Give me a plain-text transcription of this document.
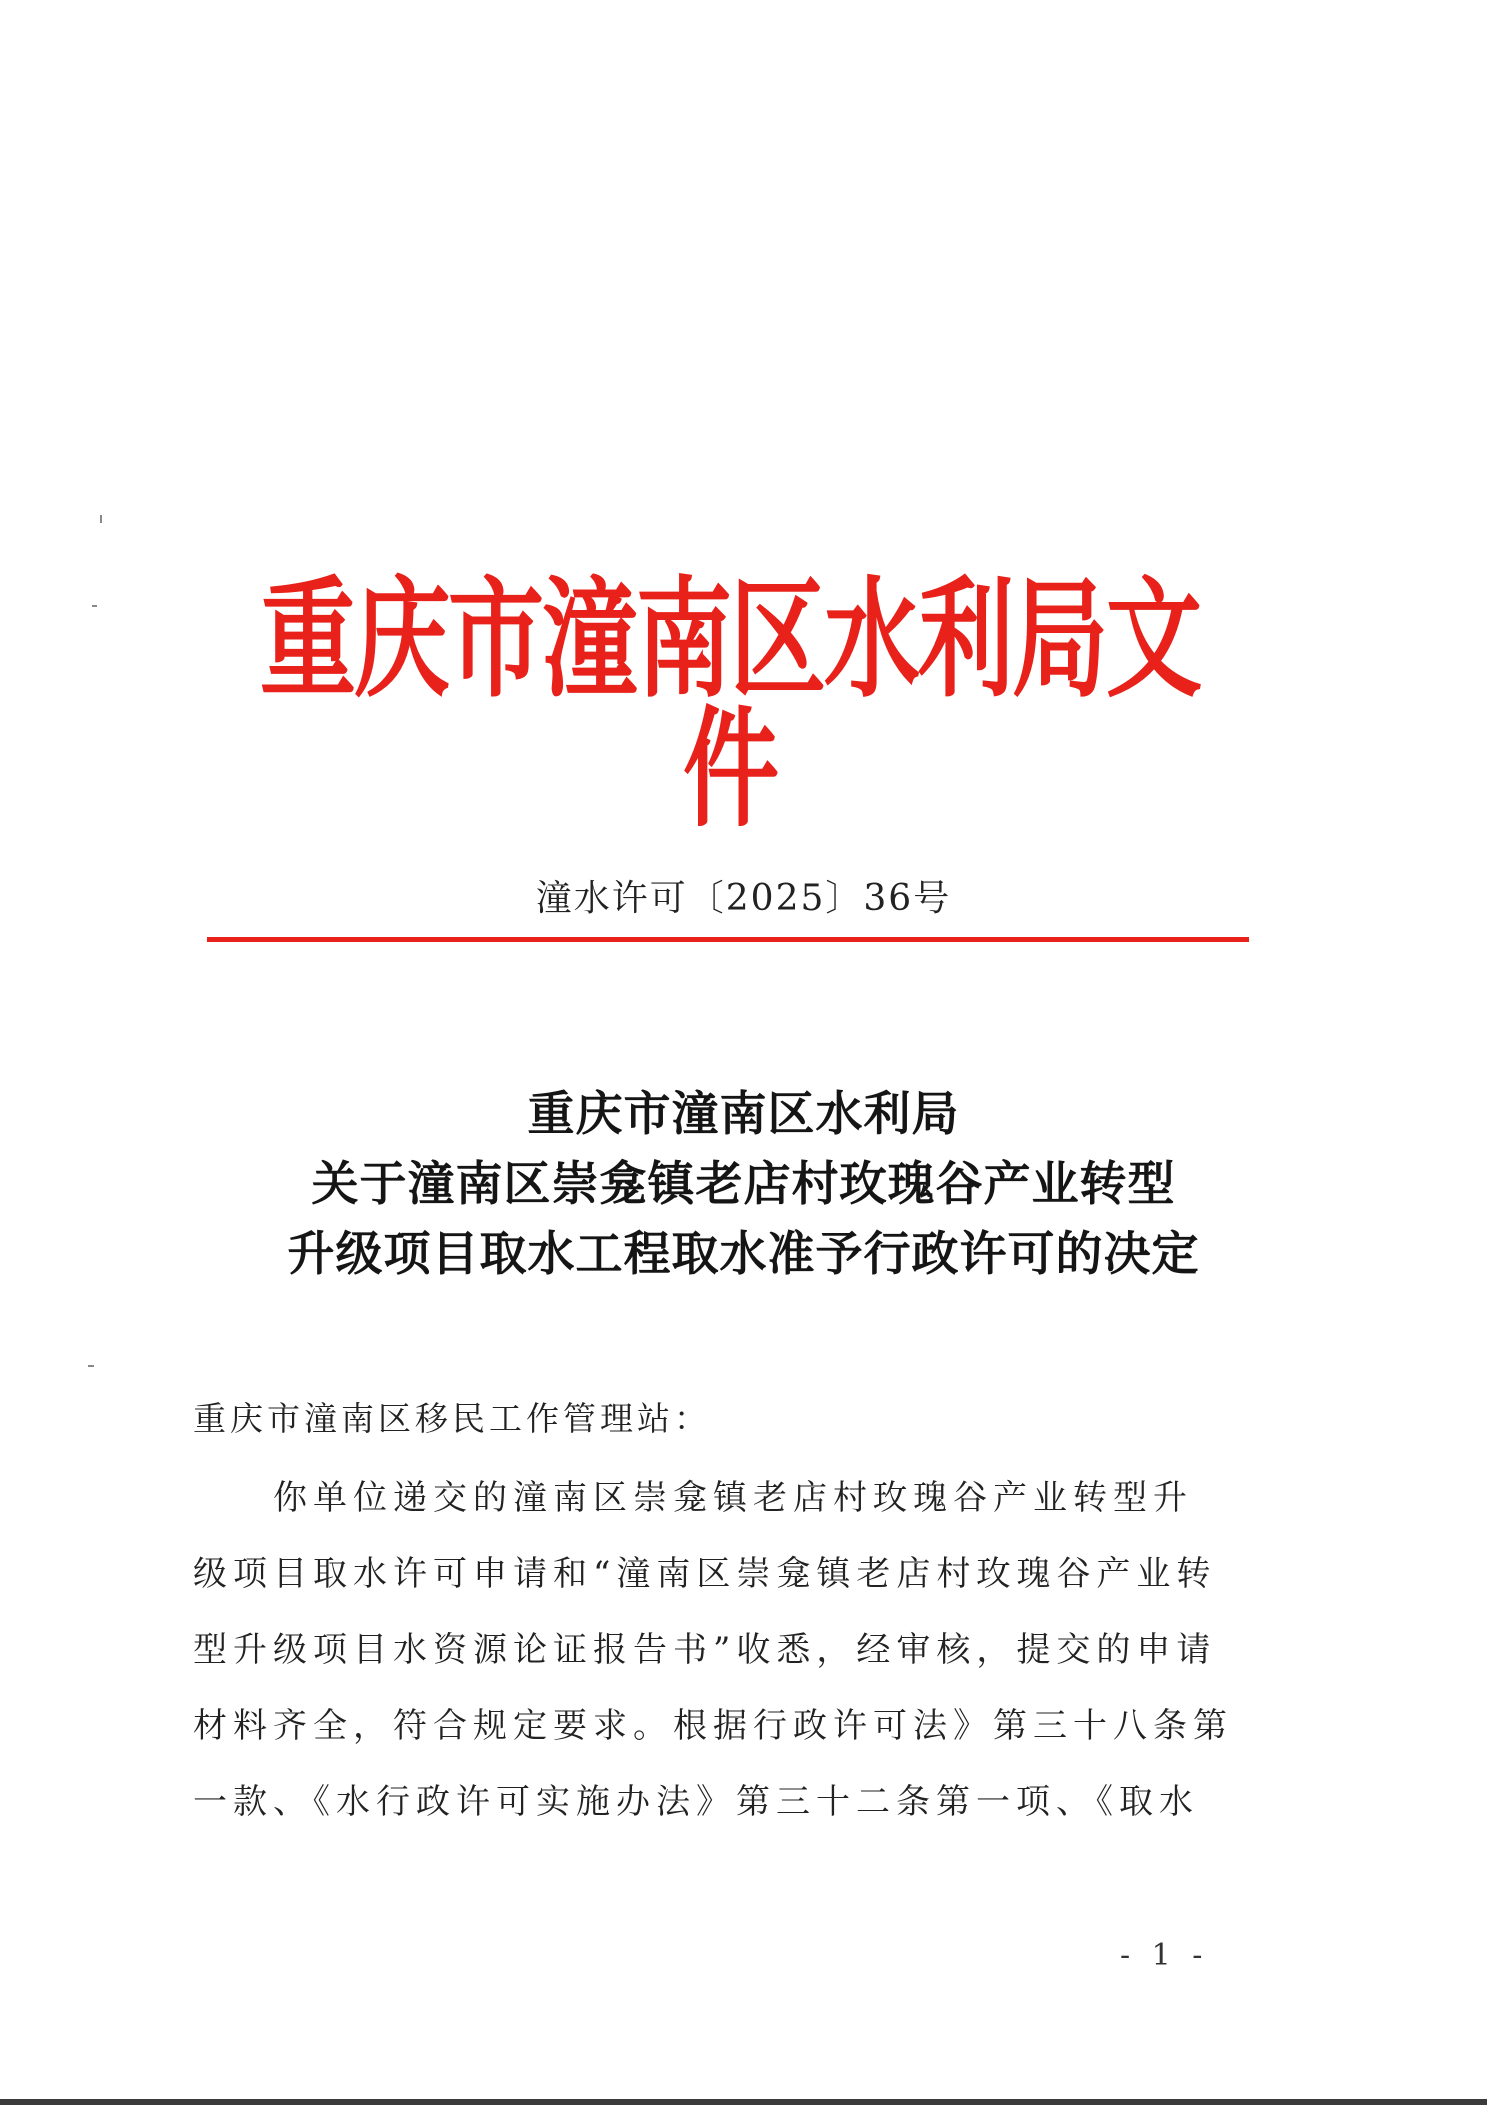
重庆市潼南区水利局文件
潼水许可〔2025〕36号
重庆市潼南区水利局
关于潼南区崇龛镇老店村玫瑰谷产业转型
升级项目取水工程取水准予行政许可的决定
重庆市潼南区移民工作管理站：
你单位递交的潼南区崇龛镇老店村玫瑰谷产业转型升
级项目取水许可申请和“潼南区崇龛镇老店村玫瑰谷产业转
型升级项目水资源论证报告书”收悉，经审核，提交的申请
材料齐全，符合规定要求。根据行政许可法》第三十八条第
一款、《水行政许可实施办法》第三十二条第一项、《取水
- 1 -
